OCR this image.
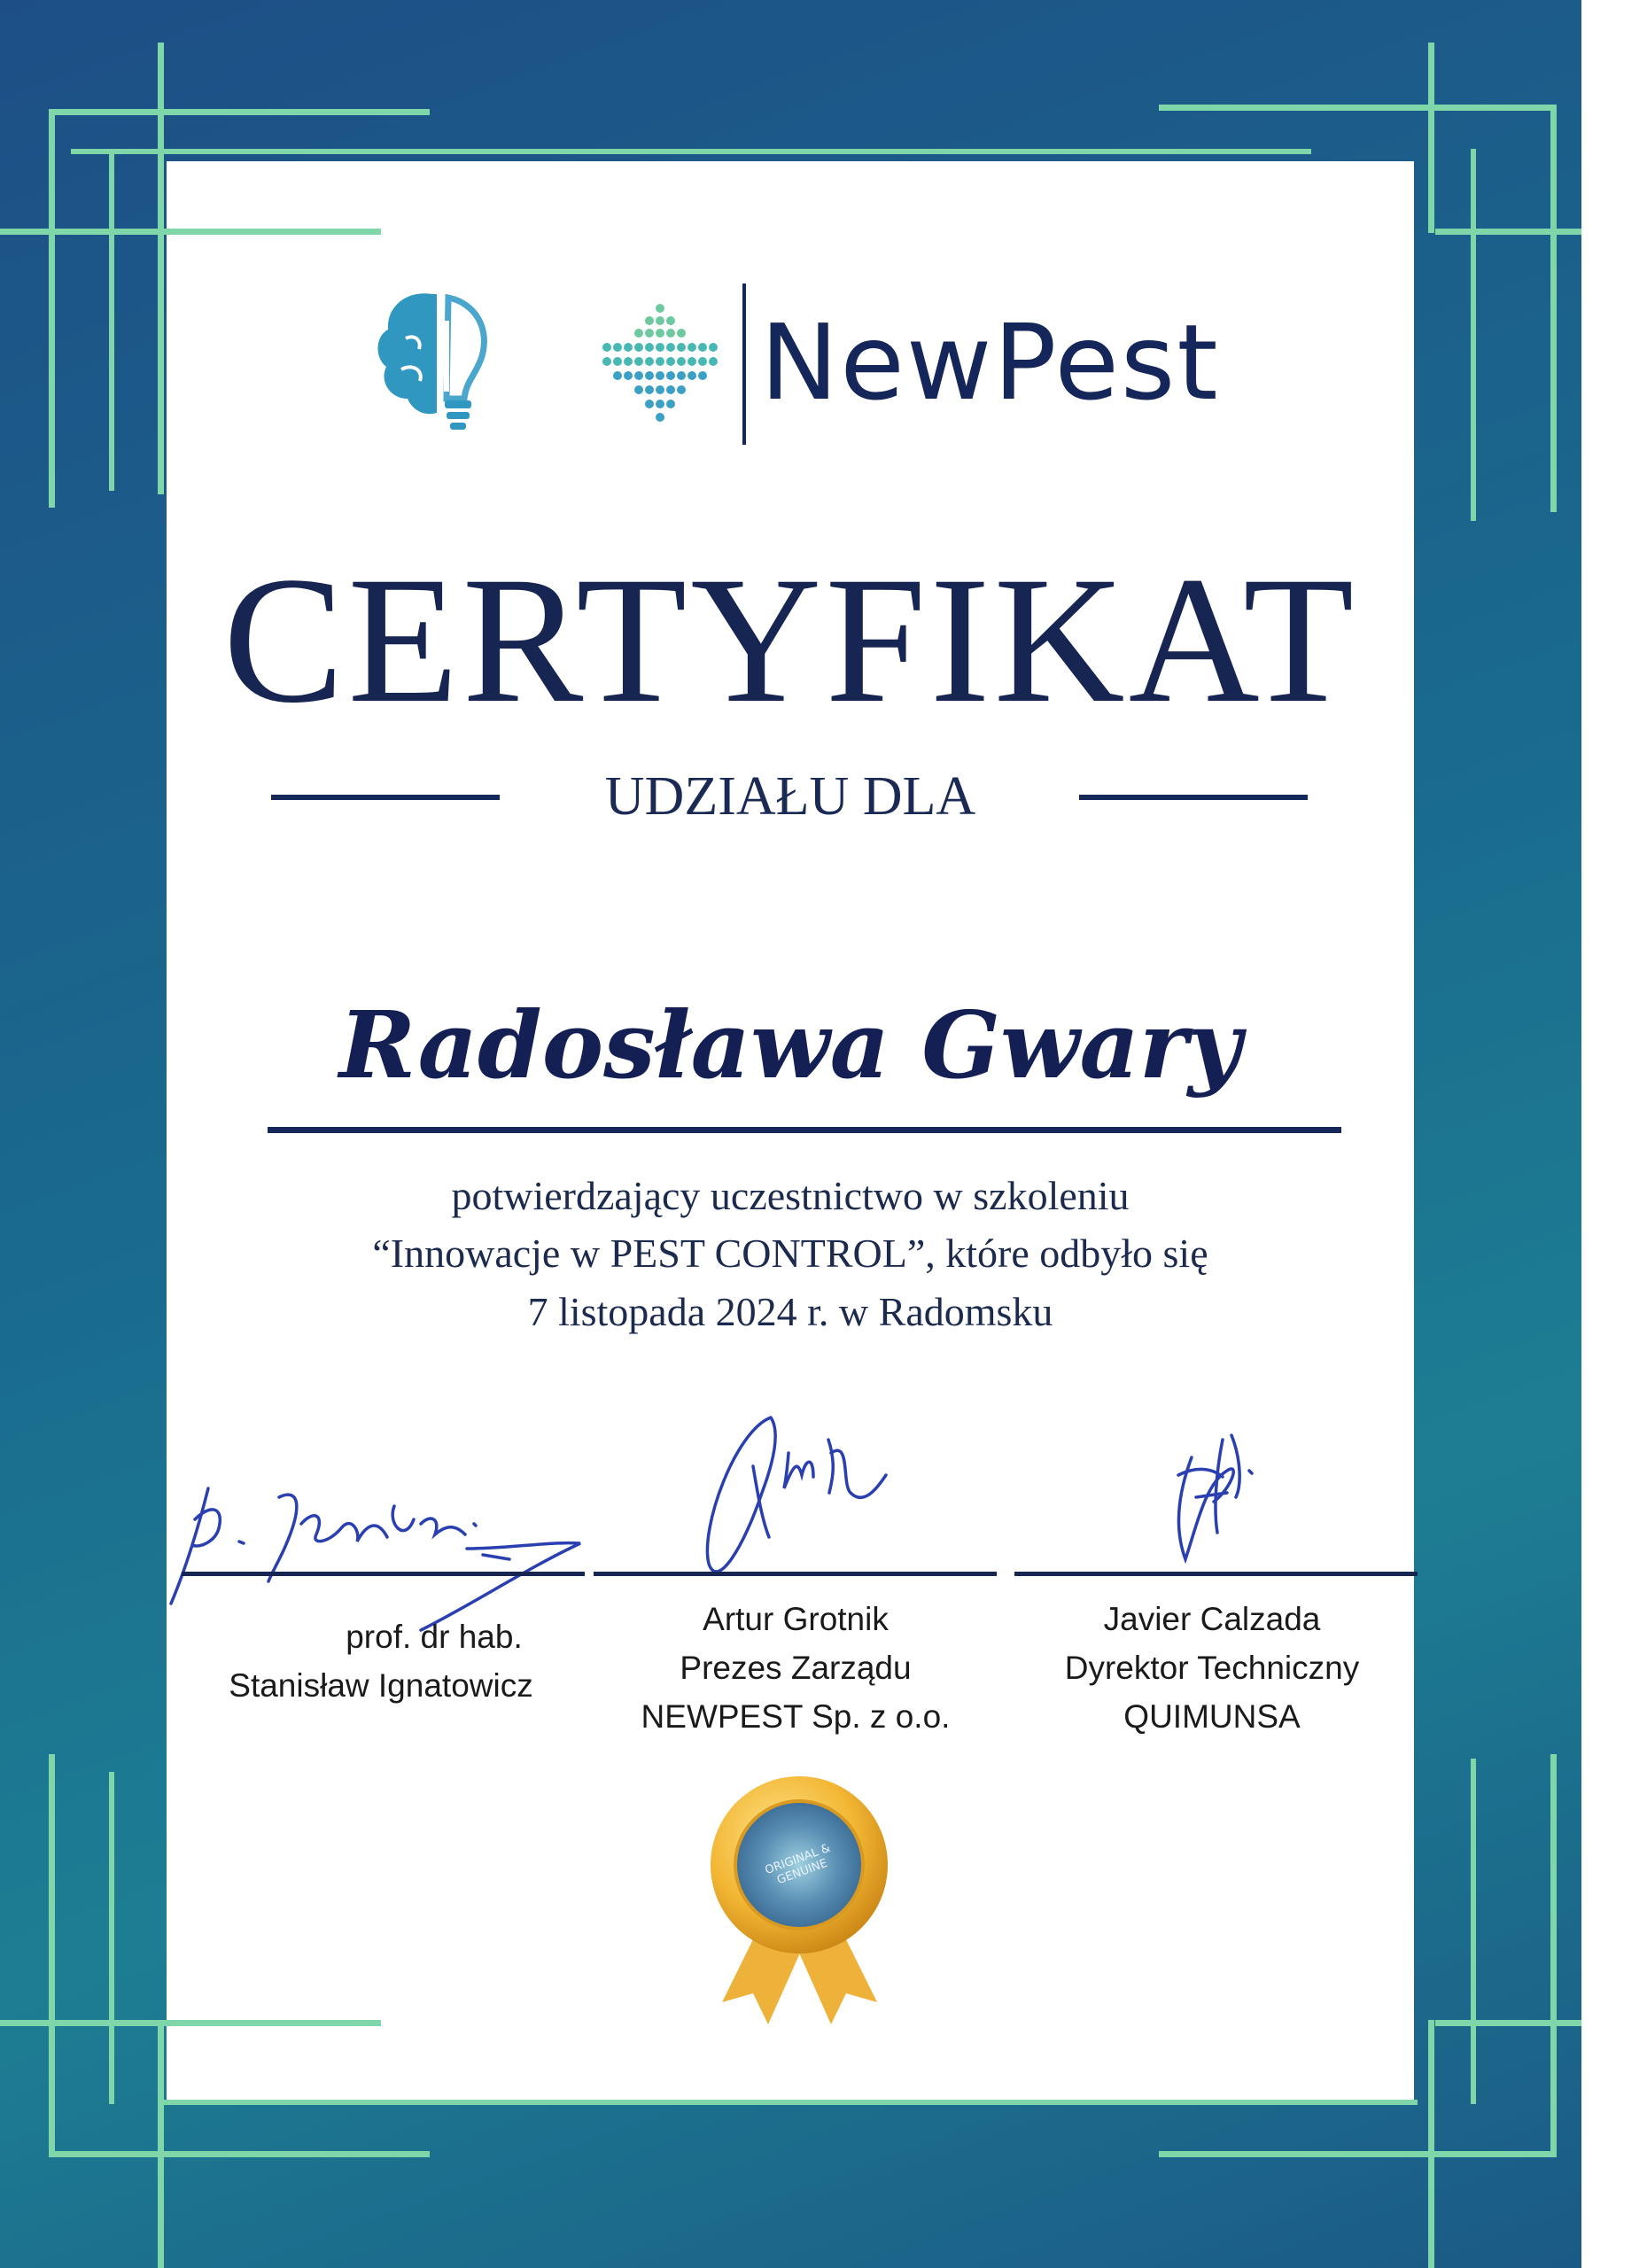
NewPest
CERTYFIKAT
UDZIAŁU DLA
Radosława Gwary
potwierdzający uczestnictwo w szkoleniu
“Innowacje w PEST CONTROL”, które odbyło się
7 listopada 2024 r. w Radomsku
prof. dr hab.
Stanisław Ignatowicz
Artur Grotnik
Prezes Zarządu
NEWPEST Sp. z o.o.
Javier Calzada
Dyrektor Techniczny
QUIMUNSA
ORIGINAL & GENUINE
